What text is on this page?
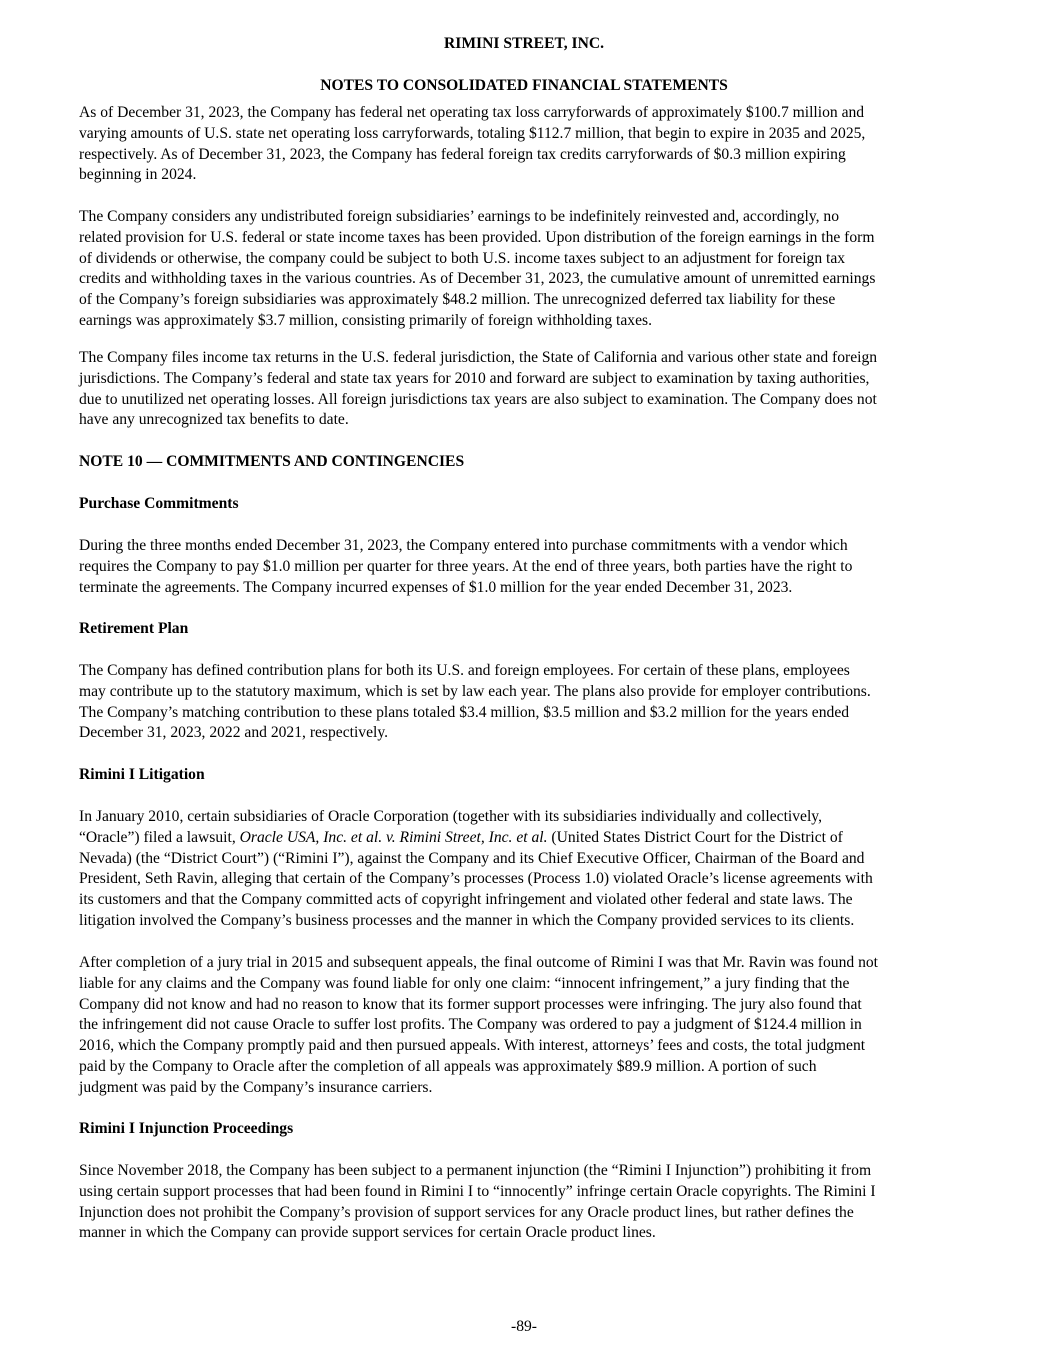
RIMINI STREET, INC.
NOTES TO CONSOLIDATED FINANCIAL STATEMENTS

As of December 31, 2023, the Company has federal net operating tax loss carryforwards of approximately $100.7 million and
varying amounts of U.S. state net operating loss carryforwards, totaling $112.7 million, that begin to expire in 2035 and 2025,
respectively. As of December 31, 2023, the Company has federal foreign tax credits carryforwards of $0.3 million expiring
beginning in 2024.

The Company considers any undistributed foreign subsidiaries’ earnings to be indefinitely reinvested and, accordingly, no
related provision for U.S. federal or state income taxes has been provided. Upon distribution of the foreign earnings in the form
of dividends or otherwise, the company could be subject to both U.S. income taxes subject to an adjustment for foreign tax
credits and withholding taxes in the various countries. As of December 31, 2023, the cumulative amount of unremitted earnings
of the Company’s foreign subsidiaries was approximately $48.2 million. The unrecognized deferred tax liability for these
earnings was approximately $3.7 million, consisting primarily of foreign withholding taxes.

The Company files income tax returns in the U.S. federal jurisdiction, the State of California and various other state and foreign
jurisdictions. The Company’s federal and state tax years for 2010 and forward are subject to examination by taxing authorities,
due to unutilized net operating losses. All foreign jurisdictions tax years are also subject to examination. The Company does not
have any unrecognized tax benefits to date.

NOTE 10 — COMMITMENTS AND CONTINGENCIES
Purchase Commitments

During the three months ended December 31, 2023, the Company entered into purchase commitments with a vendor which
requires the Company to pay $1.0 million per quarter for three years. At the end of three years, both parties have the right to
terminate the agreements. The Company incurred expenses of $1.0 million for the year ended December 31, 2023.

Retirement Plan

The Company has defined contribution plans for both its U.S. and foreign employees. For certain of these plans, employees
may contribute up to the statutory maximum, which is set by law each year. The plans also provide for employer contributions.
The Company’s matching contribution to these plans totaled $3.4 million, $3.5 million and $3.2 million for the years ended
December 31, 2023, 2022 and 2021, respectively.

Rimini I Litigation

In January 2010, certain subsidiaries of Oracle Corporation (together with its subsidiaries individually and collectively,
“Oracle”) filed a lawsuit, Oracle USA, Inc. et al. v. Rimini Street, Inc. et al. (United States District Court for the District of
Nevada) (the “District Court”) (“Rimini I”), against the Company and its Chief Executive Officer, Chairman of the Board and
President, Seth Ravin, alleging that certain of the Company’s processes (Process 1.0) violated Oracle’s license agreements with
its customers and that the Company committed acts of copyright infringement and violated other federal and state laws. The
litigation involved the Company’s business processes and the manner in which the Company provided services to its clients.

After completion of a jury trial in 2015 and subsequent appeals, the final outcome of Rimini I was that Mr. Ravin was found not
liable for any claims and the Company was found liable for only one claim: “innocent infringement,” a jury finding that the
Company did not know and had no reason to know that its former support processes were infringing. The jury also found that
the infringement did not cause Oracle to suffer lost profits. The Company was ordered to pay a judgment of $124.4 million in
2016, which the Company promptly paid and then pursued appeals. With interest, attorneys’ fees and costs, the total judgment
paid by the Company to Oracle after the completion of all appeals was approximately $89.9 million. A portion of such
judgment was paid by the Company’s insurance carriers.

Rimini I Injunction Proceedings

Since November 2018, the Company has been subject to a permanent injunction (the “Rimini I Injunction”) prohibiting it from
using certain support processes that had been found in Rimini I to “innocently” infringe certain Oracle copyrights. The Rimini I
Injunction does not prohibit the Company’s provision of support services for any Oracle product lines, but rather defines the
manner in which the Company can provide support services for certain Oracle product lines.

-89-
